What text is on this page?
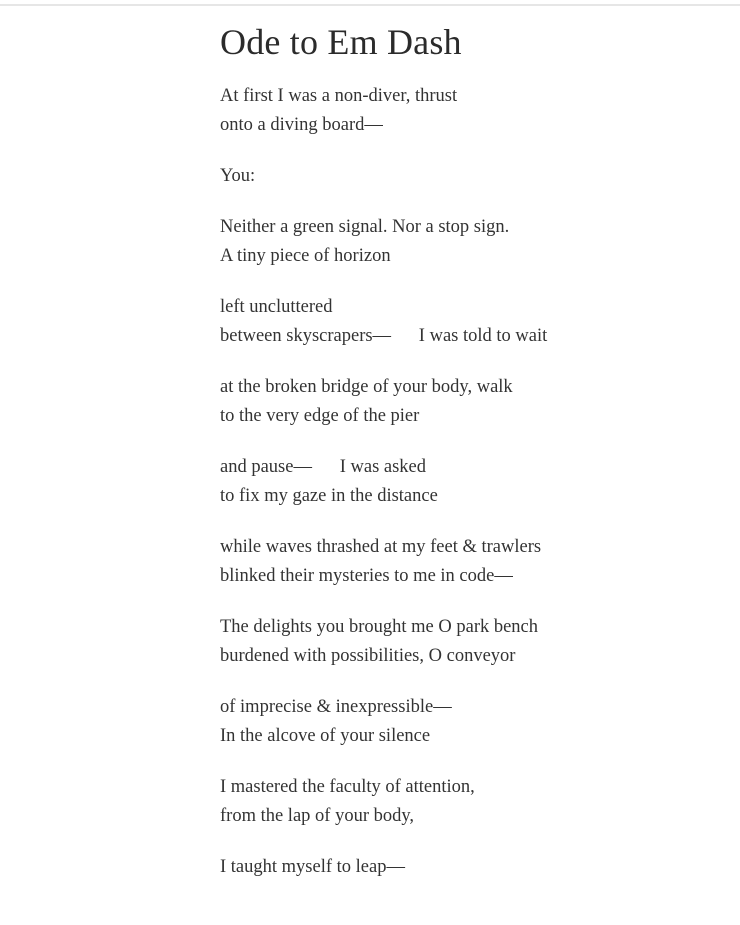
Ode to Em Dash
At first I was a non-diver, thrust
onto a diving board—
You:
Neither a green signal. Nor a stop sign.
A tiny piece of horizon
left uncluttered
between skyscrapers—      I was told to wait
at the broken bridge of your body, walk
to the very edge of the pier
and pause—      I was asked
to fix my gaze in the distance
while waves thrashed at my feet & trawlers
blinked their mysteries to me in code—
The delights you brought me O park bench
burdened with possibilities, O conveyor
of imprecise & inexpressible—
In the alcove of your silence
I mastered the faculty of attention,
from the lap of your body,
I taught myself to leap—
